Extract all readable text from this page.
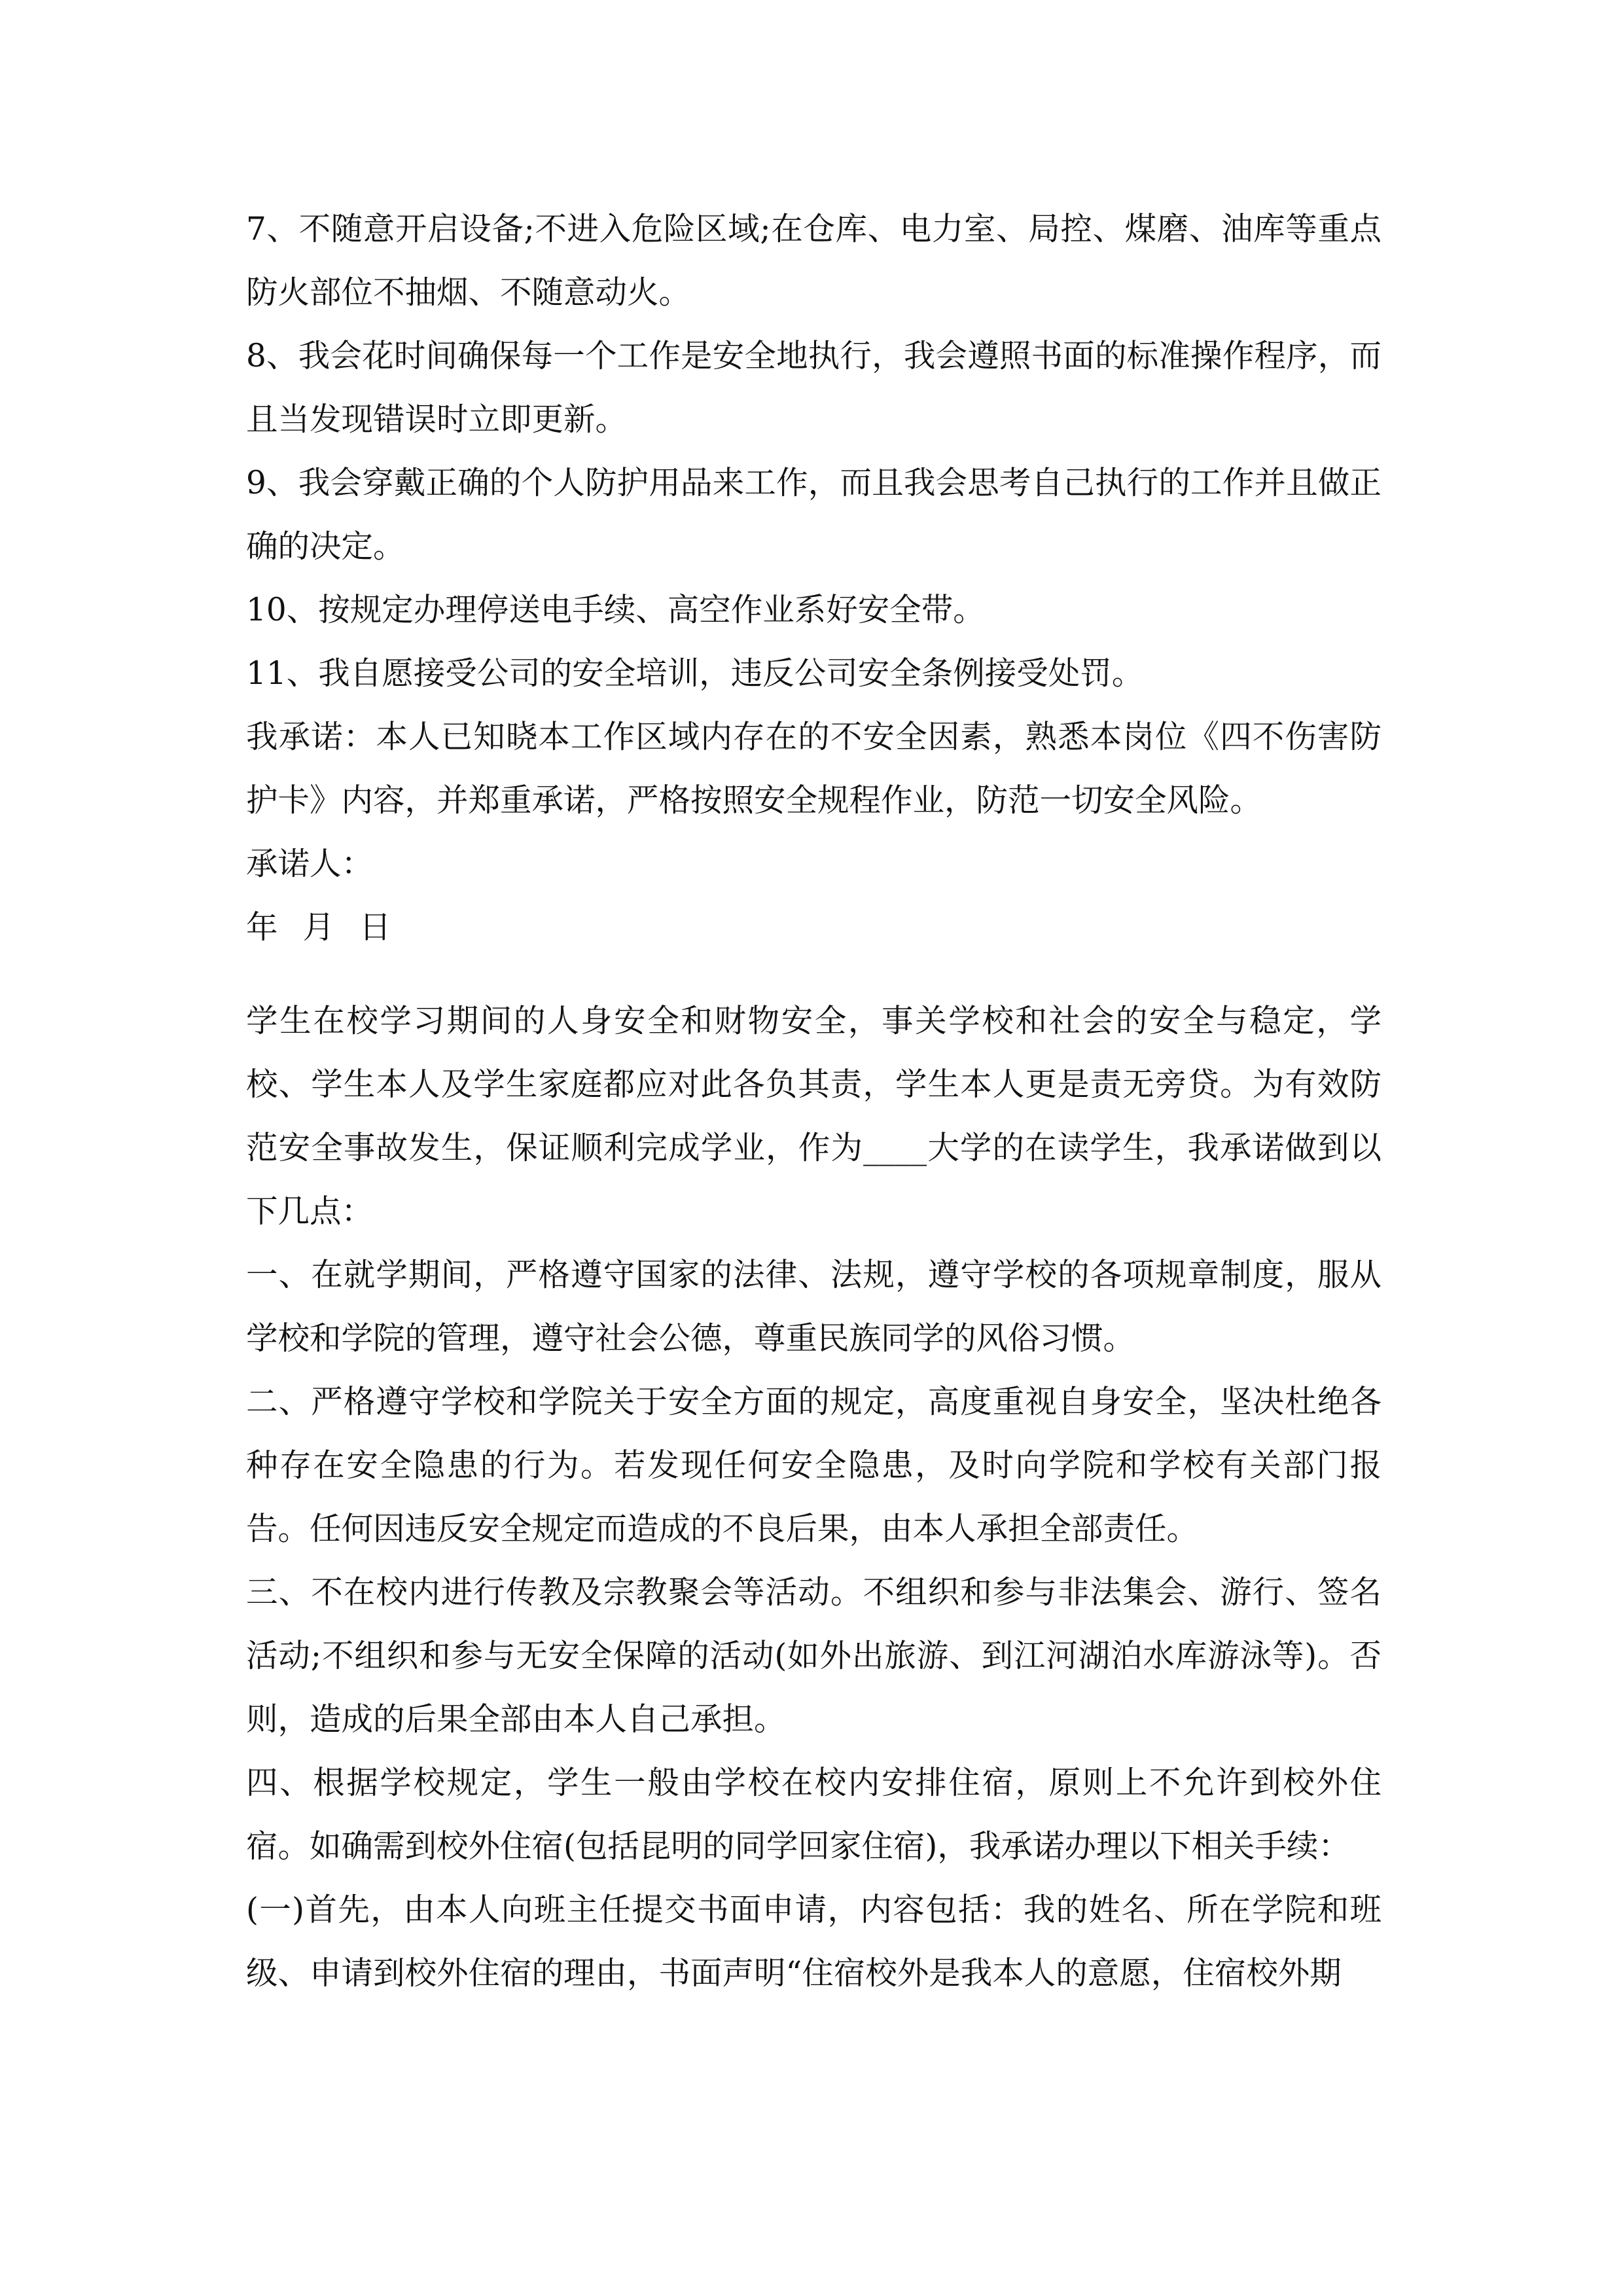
7、不随意开启设备;不进入危险区域;在仓库、电力室、局控、煤磨、油库等重点防火部位不抽烟、不随意动火。

8、我会花时间确保每一个工作是安全地执行，我会遵照书面的标准操作程序，而且当发现错误时立即更新。

9、我会穿戴正确的个人防护用品来工作，而且我会思考自己执行的工作并且做正确的决定。

10、按规定办理停送电手续、高空作业系好安全带。

11、我自愿接受公司的安全培训，违反公司安全条例接受处罚。

我承诺：本人已知晓本工作区域内存在的不安全因素，熟悉本岗位《四不伤害防护卡》内容，并郑重承诺，严格按照安全规程作业，防范一切安全风险。

承诺人：

年 月 日

学生在校学习期间的人身安全和财物安全，事关学校和社会的安全与稳定，学校、学生本人及学生家庭都应对此各负其责，学生本人更是责无旁贷。为有效防范安全事故发生，保证顺利完成学业，作为____大学的在读学生，我承诺做到以下几点：

一、在就学期间，严格遵守国家的法律、法规，遵守学校的各项规章制度，服从学校和学院的管理，遵守社会公德，尊重民族同学的风俗习惯。

二、严格遵守学校和学院关于安全方面的规定，高度重视自身安全，坚决杜绝各种存在安全隐患的行为。若发现任何安全隐患，及时向学院和学校有关部门报告。任何因违反安全规定而造成的不良后果，由本人承担全部责任。

三、不在校内进行传教及宗教聚会等活动。不组织和参与非法集会、游行、签名活动;不组织和参与无安全保障的活动(如外出旅游、到江河湖泊水库游泳等)。否则，造成的后果全部由本人自己承担。

四、根据学校规定，学生一般由学校在校内安排住宿，原则上不允许到校外住宿。如确需到校外住宿(包括昆明的同学回家住宿)，我承诺办理以下相关手续：

(一)首先，由本人向班主任提交书面申请，内容包括：我的姓名、所在学院和班级、申请到校外住宿的理由，书面声明“住宿校外是我本人的意愿，住宿校外期
